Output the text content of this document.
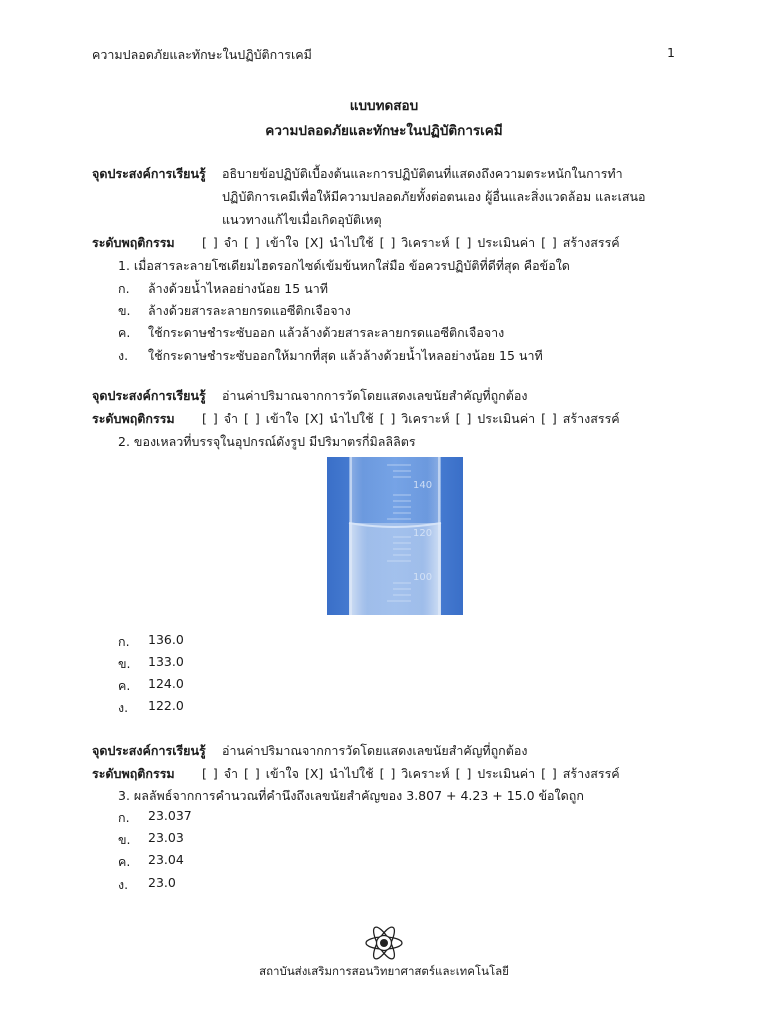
ความปลอดภัยและทักษะในปฏิบัติการเคมี	1
แบบทดสอบ
ความปลอดภัยและทักษะในปฏิบัติการเคมี
จุดประสงค์การเรียนรู้ อธิบายข้อปฏิบัติเบื้องต้นและการปฏิบัติตนที่แสดงถึงความตระหนักในการทำ
ปฏิบัติการเคมีเพื่อให้มีความปลอดภัยทั้งต่อตนเอง ผู้อื่นและสิ่งแวดล้อม และเสนอ
แนวทางแก้ไขเมื่อเกิดอุบัติเหตุ
ระดับพฤติกรรม [ ] จำ [ ] เข้าใจ [X] นำไปใช้ [ ] วิเคราะห์ [ ] ประเมินค่า [ ] สร้างสรรค์
1. เมื่อสารละลายโซเดียมไฮดรอกไซด์เข้มข้นหกใส่มือ ข้อควรปฏิบัติที่ดีที่สุด คือข้อใด
ก. ล้างด้วยน้ำไหลอย่างน้อย 15 นาที
ข. ล้างด้วยสารละลายกรดแอซีติกเจือจาง
ค. ใช้กระดาษชำระซับออก แล้วล้างด้วยสารละลายกรดแอซีติกเจือจาง
ง. ใช้กระดาษชำระซับออกให้มากที่สุด แล้วล้างด้วยน้ำไหลอย่างน้อย 15 นาที
จุดประสงค์การเรียนรู้ อ่านค่าปริมาณจากการวัดโดยแสดงเลขนัยสำคัญที่ถูกต้อง
ระดับพฤติกรรม [ ] จำ [ ] เข้าใจ [X] นำไปใช้ [ ] วิเคราะห์ [ ] ประเมินค่า [ ] สร้างสรรค์
2. ของเหลวที่บรรจุในอุปกรณ์ดังรูป มีปริมาตรกี่มิลลิลิตร
140
120
100
ก. 136.0
ข. 133.0
ค. 124.0
ง. 122.0
จุดประสงค์การเรียนรู้ อ่านค่าปริมาณจากการวัดโดยแสดงเลขนัยสำคัญที่ถูกต้อง
ระดับพฤติกรรม [ ] จำ [ ] เข้าใจ [X] นำไปใช้ [ ] วิเคราะห์ [ ] ประเมินค่า [ ] สร้างสรรค์
3. ผลลัพธ์จากการคำนวณที่คำนึงถึงเลขนัยสำคัญของ 3.807 + 4.23 + 15.0 ข้อใดถูก
ก. 23.037
ข. 23.03
ค. 23.04
ง. 23.0
สถาบันส่งเสริมการสอนวิทยาศาสตร์และเทคโนโลยี
